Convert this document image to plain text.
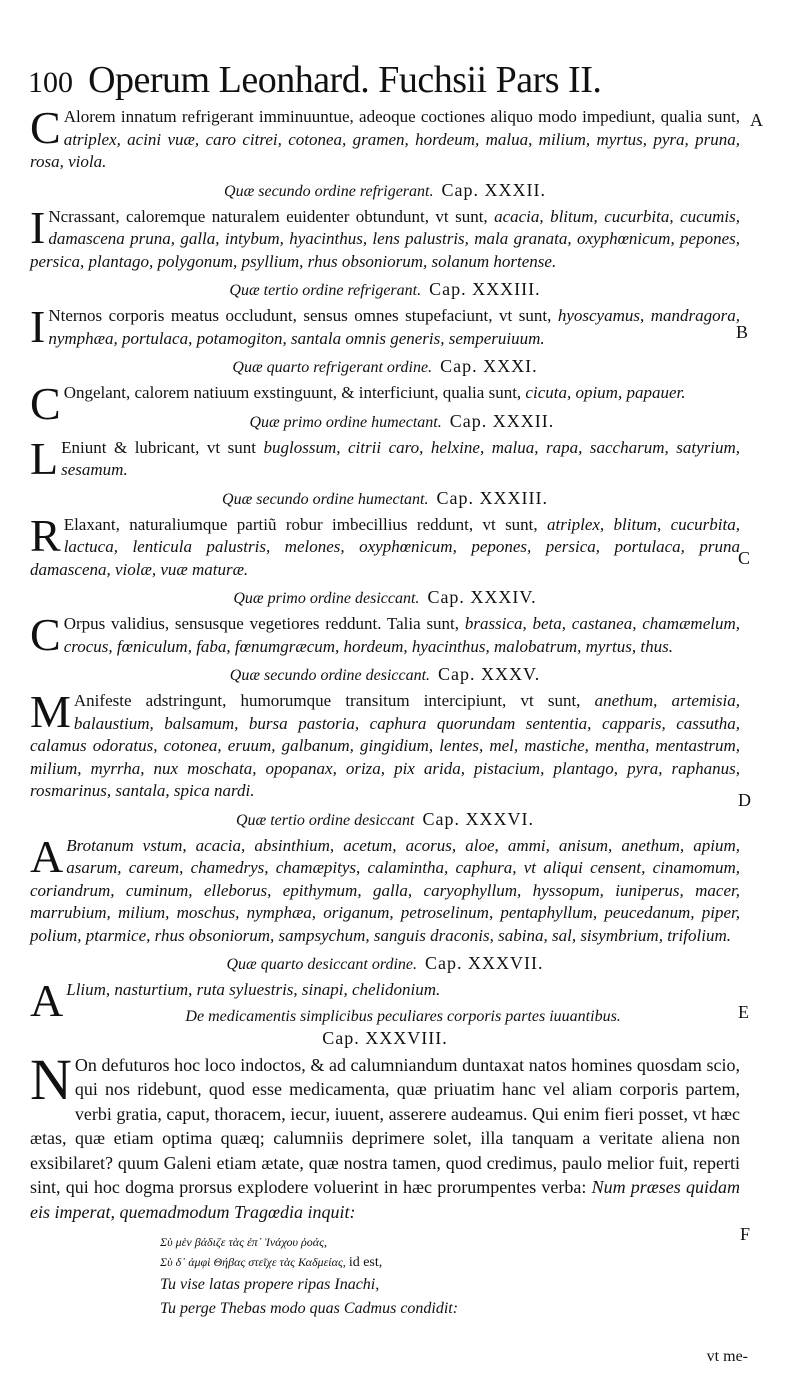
100 Operum Leonhard. Fuchsii Pars II.

C Alorem innatum refrigerant imminuuntue, adeoque coctiones aliquo modo impediunt, qualia sunt, atriplex, acini vuæ, caro citrei, cotonea, gramen, hordeum, malua, milium, myrtus, pyra, pruna, rosa, viola.

Quæ secundo ordine refrigerant. Cap. XXXII.

I Ncrassant, caloremque naturalem euidenter obtundunt, vt sunt, acacia, blitum, cucurbita, cucumis, damascena pruna, galla, intybum, hyacinthus, lens palustris, mala granata, oxyphœnicum, pepones, persica, plantago, polygonum, psyllium, rhus obsoniorum, solanum hortense.

Quæ tertio ordine refrigerant. Cap. XXXIII.

I Nternos corporis meatus occludunt, sensus omnes stupefaciunt, vt sunt, hyoscyamus, mandragora, nymphæa, portulaca, potamogiton, santala omnis generis, semperuiuum.

Quæ quarto refrigerant ordine. Cap. XXXI.

C Ongelant, calorem natiuum exstinguunt, & interficiunt, qualia sunt, cicuta, opium, papauer.

Quæ primo ordine humectant. Cap. XXXII.

L Eniunt & lubricant, vt sunt buglossum, citrii caro, helxine, malua, rapa, saccharum, satyrium, sesamum.

Quæ secundo ordine humectant. Cap. XXXIII.

R Elaxant, naturaliumque partiũ robur imbecillius reddunt, vt sunt, atriplex, blitum, cucurbita, lactuca, lenticula palustris, melones, oxyphœnicum, pepones, persica, portulaca, pruna damascena, violæ, vuæ maturæ.

Quæ primo ordine desiccant. Cap. XXXIV.

C Orpus validius, sensusque vegetiores reddunt. Talia sunt, brassica, beta, castanea, chamæmelum, crocus, fœniculum, faba, fœnumgræcum, hordeum, hyacinthus, malobatrum, myrtus, thus.

Quæ secundo ordine desiccant. Cap. XXXV.

M Anifeste adstringunt, humorumque transitum intercipiunt, vt sunt, anethum, artemisia, balaustium, balsamum, bursa pastoria, caphura quorundam sententia, capparis, cassutha, calamus odoratus, cotonea, eruum, galbanum, gingidium, lentes, mel, mastiche, mentha, mentastrum, milium, myrrha, nux moschata, opopanax, oriza, pix arida, pistacium, plantago, pyra, raphanus, rosmarinus, santala, spica nardi.

Quæ tertio ordine desiccant Cap. XXXVI.

A Brotanum vstum, acacia, absinthium, acetum, acorus, aloe, ammi, anisum, anethum, apium, asarum, careum, chamedrys, chamæpitys, calamintha, caphura, vt aliqui censent, cinamomum, coriandrum, cuminum, elleborus, epithymum, galla, caryophyllum, hyssopum, iuniperus, macer, marrubium, milium, moschus, nymphæa, origanum, petroselinum, pentaphyllum, peucedanum, piper, polium, ptarmice, rhus obsoniorum, sampsychum, sanguis draconis, sabina, sal, sisymbrium, trifolium.

Quæ quarto desiccant ordine. Cap. XXXVII.

A Llium, nasturtium, ruta syluestris, sinapi, chelidonium.

De medicamentis simplicibus peculiares corporis partes iuuantibus.
Cap. XXXVIII.

N On defuturos hoc loco indoctos, & ad calumniandum duntaxat natos homines quosdam scio, qui nos ridebunt, quod esse medicamenta, quæ priuatim hanc vel aliam corporis partem, verbi gratia, caput, thoracem, iecur, iuuent, asserere audeamus. Qui enim fieri posset, vt hæc ætas, quæ etiam optima quæq; calumniis deprimere solet, illa tanquam a veritate aliena non exsibilaret? quum Galeni etiam ætate, quæ nostra tamen, quod credimus, paulo melior fuit, reperti sint, qui hoc dogma prorsus explodere voluerint in hæc prorumpentes verba: Num præses quidam eis imperat, quemadmodum Tragœdia inquit:

Σὺ μὲν βάδιζε τὰς ἐπ᾽ Ἰνάχου ῥοάς,
Σὺ δ᾽ ἀμφὶ Θήβας στεῖχε τὰς Καδμείας, id est,
Tu vise latas propere ripas Inachi,
Tu perge Thebas modo quas Cadmus condidit:
A
B
C
D
E
F
vt me-
